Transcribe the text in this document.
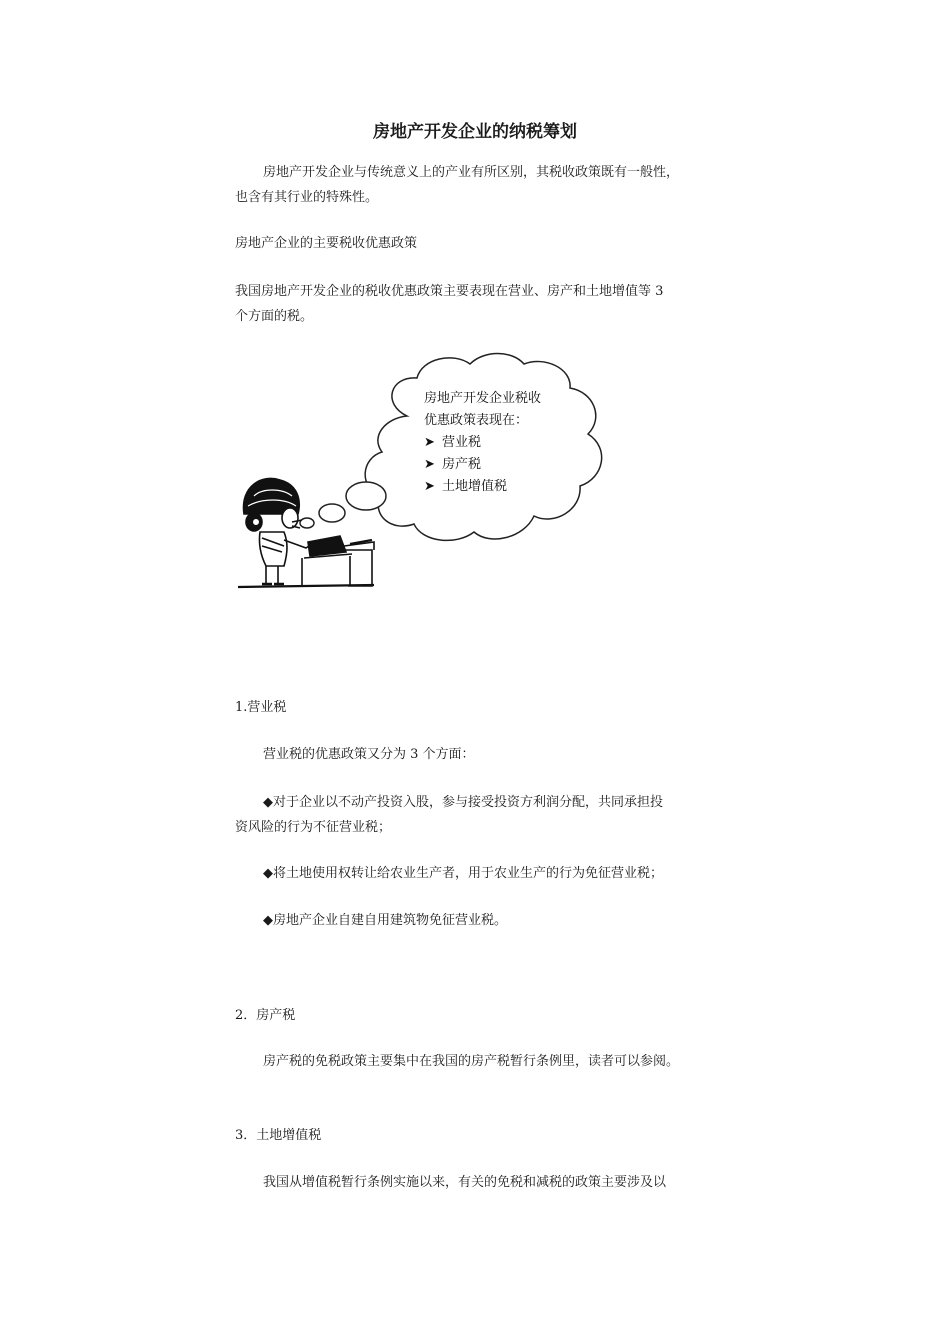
房地产开发企业的纳税筹划

房地产开发企业与传统意义上的产业有所区别，其税收政策既有一般性，

也含有其行业的特殊性。

房地产企业的主要税收优惠政策

我国房地产开发企业的税收优惠政策主要表现在营业、房产和土地增值等 3

个方面的税。

房地产开发企业税收
优惠政策表现在：
➤ 营业税
➤ 房产税
➤ 土地增值税

1.营业税

营业税的优惠政策又分为 3 个方面：

◆对于企业以不动产投资入股，参与接受投资方利润分配，共同承担投

资风险的行为不征营业税；

◆将土地使用权转让给农业生产者，用于农业生产的行为免征营业税；

◆房地产企业自建自用建筑物免征营业税。

2．房产税

房产税的免税政策主要集中在我国的房产税暂行条例里，读者可以参阅。

3．土地增值税

我国从增值税暂行条例实施以来，有关的免税和减税的政策主要涉及以
